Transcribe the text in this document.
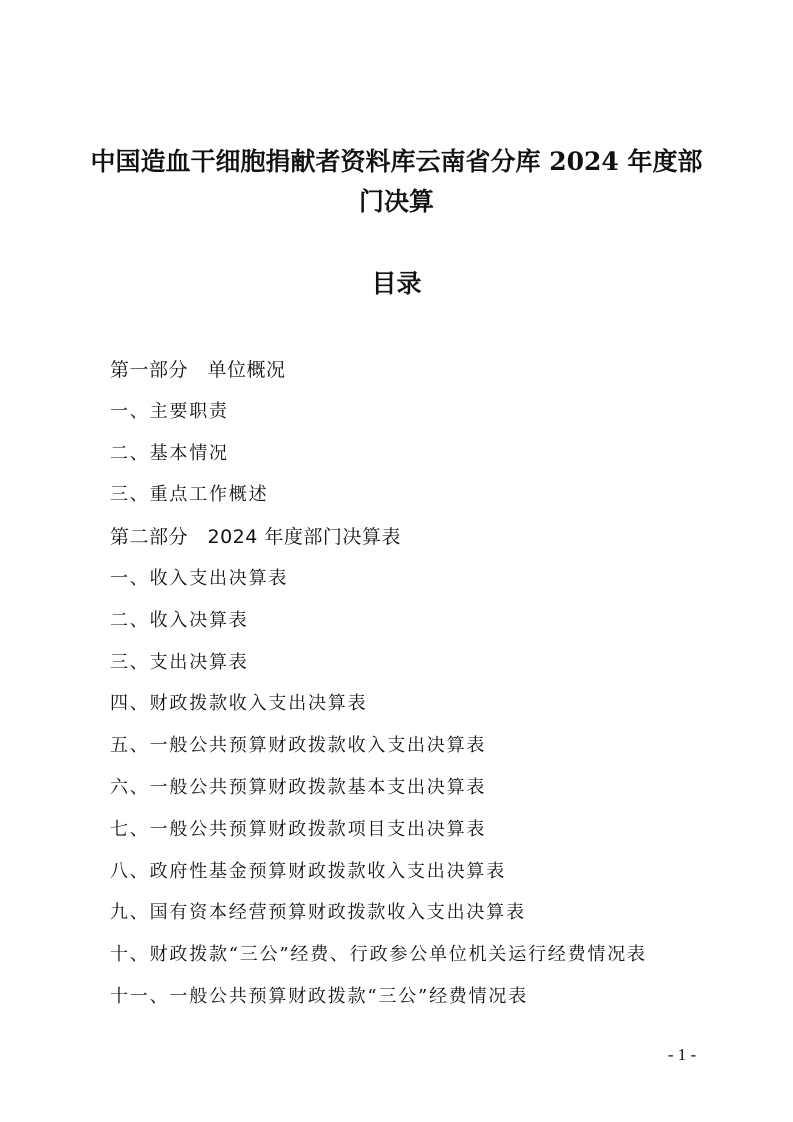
中国造血干细胞捐献者资料库云南省分库 2024 年度部门决算
目录
第一部分　单位概况
一、主要职责
二、基本情况
三、重点工作概述
第二部分　2024 年度部门决算表
一、收入支出决算表
二、收入决算表
三、支出决算表
四、财政拨款收入支出决算表
五、一般公共预算财政拨款收入支出决算表
六、一般公共预算财政拨款基本支出决算表
七、一般公共预算财政拨款项目支出决算表
八、政府性基金预算财政拨款收入支出决算表
九、国有资本经营预算财政拨款收入支出决算表
十、财政拨款“三公”经费、行政参公单位机关运行经费情况表
十一、一般公共预算财政拨款“三公”经费情况表
- 1 -
